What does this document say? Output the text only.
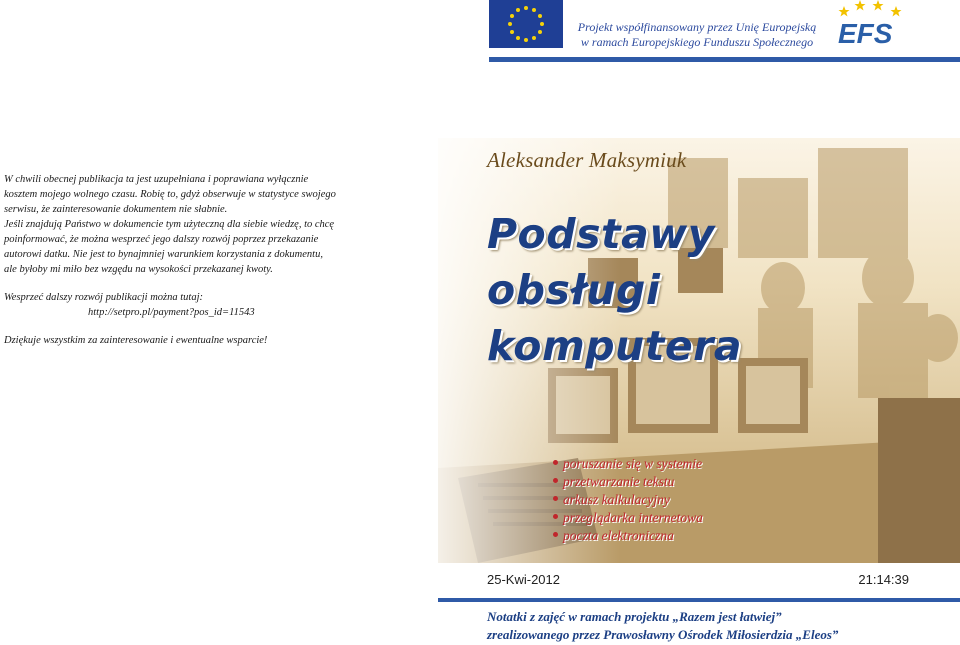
Projekt współfinansowany przez Unię Europejską
w ramach Europejskiego Funduszu Społecznego EFS

W chwili obecnej publikacja ta jest uzupełniana i poprawiana wyłącznie

kosztem mojego wolnego czasu. Robię to, gdyż obserwuje w statystyce swojego

serwisu, że zainteresowanie dokumentem nie słabnie.

Jeśli znajdują Państwo w dokumencie tym użyteczną dla siebie wiedzę, to chcę

poinformować, że można wesprzeć jego dalszy rozwój poprzez przekazanie

autorowi datku. Nie jest to bynajmniej warunkiem korzystania z dokumentu,

ale byłoby mi miło bez wzgędu na wysokości przekazanej kwoty.

Wesprzeć dalszy rozwój publikacji można tutaj:

http://setpro.pl/payment?pos_id=11543

Dziękuje wszystkim za zainteresowanie i ewentualne wsparcie!

Aleksander Maksymiuk
Podstawy
obsługi
komputera
poruszanie się w systemie
przetwarzanie tekstu
arkusz kalkulacyjny
przeglądarka internetowa
poczta elektroniczna
25-Kwi-2012	21:14:39

Notatki z zajęć w ramach projektu „Razem jest łatwiej”

zrealizowanego przez Prawosławny Ośrodek Miłosierdzia „Eleos”
